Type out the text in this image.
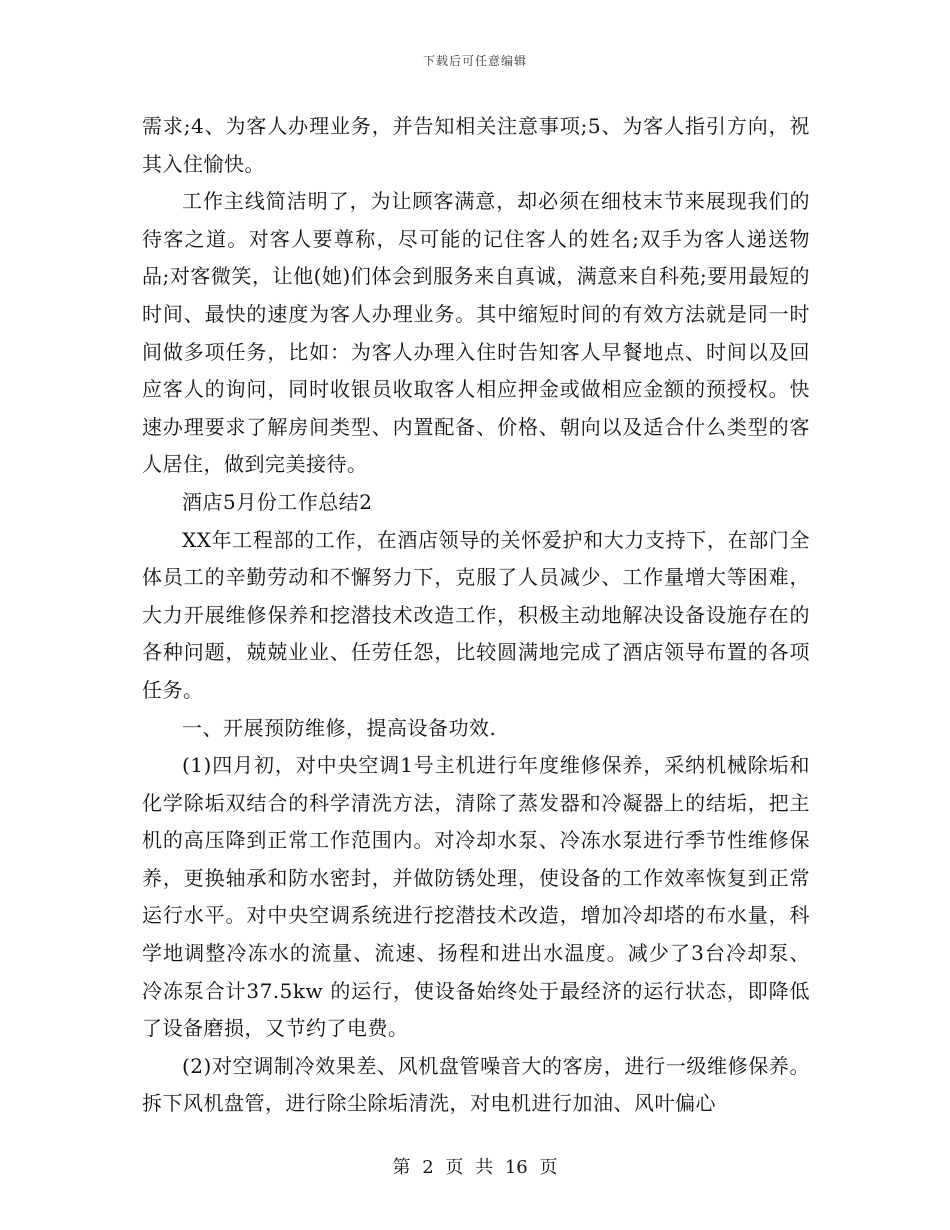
下载后可任意编辑

需求;4、为客人办理业务，并告知相关注意事项;5、为客人指引方向，祝其入住愉快。

工作主线简洁明了，为让顾客满意，却必须在细枝末节来展现我们的待客之道。对客人要尊称，尽可能的记住客人的姓名;双手为客人递送物品;对客微笑，让他(她)们体会到服务来自真诚，满意来自科苑;要用最短的时间、最快的速度为客人办理业务。其中缩短时间的有效方法就是同一时间做多项任务，比如：为客人办理入住时告知客人早餐地点、时间以及回应客人的询问，同时收银员收取客人相应押金或做相应金额的预授权。快速办理要求了解房间类型、内置配备、价格、朝向以及适合什么类型的客人居住，做到完美接待。

酒店5月份工作总结2

XX年工程部的工作，在酒店领导的关怀爱护和大力支持下，在部门全体员工的辛勤劳动和不懈努力下，克服了人员减少、工作量增大等困难，大力开展维修保养和挖潜技术改造工作，积极主动地解决设备设施存在的各种问题，兢兢业业、任劳任怨，比较圆满地完成了酒店领导布置的各项任务。

一、开展预防维修，提高设备功效.

(1)四月初，对中央空调1号主机进行年度维修保养，采纳机械除垢和化学除垢双结合的科学清洗方法，清除了蒸发器和冷凝器上的结垢，把主机的高压降到正常工作范围内。对冷却水泵、冷冻水泵进行季节性维修保养，更换轴承和防水密封，并做防锈处理，使设备的工作效率恢复到正常运行水平。对中央空调系统进行挖潜技术改造，增加冷却塔的布水量，科学地调整冷冻水的流量、流速、扬程和进出水温度。减少了3台冷却泵、冷冻泵合计37.5kw 的运行，使设备始终处于最经济的运行状态，即降低了设备磨损，又节约了电费。

(2)对空调制冷效果差、风机盘管噪音大的客房，进行一级维修保养。拆下风机盘管，进行除尘除垢清洗，对电机进行加油、风叶偏心

第 2 页 共 16 页
